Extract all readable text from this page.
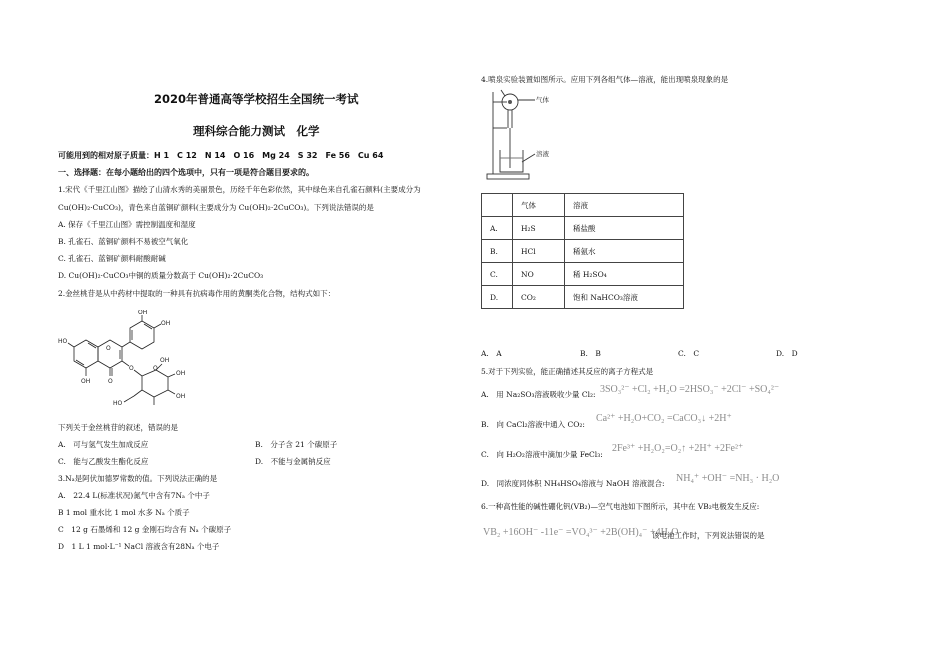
2020年普通高等学校招生全国统一考试
理科综合能力测试　化学
可能用到的相对原子质量：H 1　C 12　N 14　O 16　Mg 24　S 32　Fe 56　Cu 64
一、选择题：在每小题给出的四个选项中，只有一项是符合题目要求的。
1.宋代《千里江山图》描绘了山清水秀的美丽景色，历经千年色彩依然，其中绿色来自孔雀石颜料(主要成分为
Cu(OH)₂·CuCO₃)，青色来自蓝铜矿颜料(主要成分为 Cu(OH)₂·2CuCO₃)。下列说法错误的是
A. 保存《千里江山图》需控制温度和湿度
B. 孔雀石、蓝铜矿颜料不易被空气氧化
C. 孔雀石、蓝铜矿颜料耐酸耐碱
D. Cu(OH)₂·CuCO₃中铜的质量分数高于 Cu(OH)₂·2CuCO₃
2.金丝桃苷是从中药材中提取的一种具有抗病毒作用的黄酮类化合物，结构式如下：
OH
OH
HO
OH	O
O
O	O
OH
OH
OH
HO
下列关于金丝桃苷的叙述，错误的是
A.　可与氢气发生加成反应	B.　分子含 21 个碳原子
C.　能与乙酸发生酯化反应	D.　不能与金属钠反应
3.Nₐ是阿伏加德罗常数的值。下列说法正确的是
A.　22.4 L(标准状况)氮气中含有7Nₐ 个中子
B 1 mol 重水比 1 mol 水多 Nₐ 个质子
C　12 g 石墨烯和 12 g 金刚石均含有 Nₐ 个碳原子
D　1 L 1 mol·L⁻¹ NaCl 溶液含有28Nₐ 个电子
4.喷泉实验装置如图所示。应用下列各组气体—溶液，能出现喷泉现象的是
气体
溶液
	气体	溶液
A.	H₂S	稀盐酸
B.	HCl	稀氨水
C.	NO	稀 H₂SO₄
D.	CO₂	饱和 NaHCO₃溶液
A.　A	B.　B	C.　C	D.　D
5.对于下列实验，能正确描述其反应的离子方程式是
A.　用 Na₂SO₃溶液吸收少量 Cl₂: 3SO₃²⁻ +Cl₂ +H₂O =2HSO₃⁻ +2Cl⁻ +SO₄²⁻
B.　向 CaCl₂溶液中通入 CO₂:
Ca²⁺ +H₂O+CO₂ =CaCO₃↓ +2H⁺
C.　向 H₂O₂溶液中滴加少量 FeCl₃:
2Fe³⁺ +H₂O₂=O₂↑ +2H⁺ +2Fe²⁺
D.　同浓度同体积 NH₄HSO₄溶液与 NaOH 溶液混合: NH₄⁺ +OH⁻ =NH₃ · H₂O
6.一种高性能的碱性硼化钒(VB₂)—空气电池如下图所示，其中在 VB₂电极发生反应:
VB₂ +16OH⁻ -11e⁻ =VO₄³⁻ +2B(OH)₄⁻ +4H₂O
该电池工作时，下列说法错误的是
